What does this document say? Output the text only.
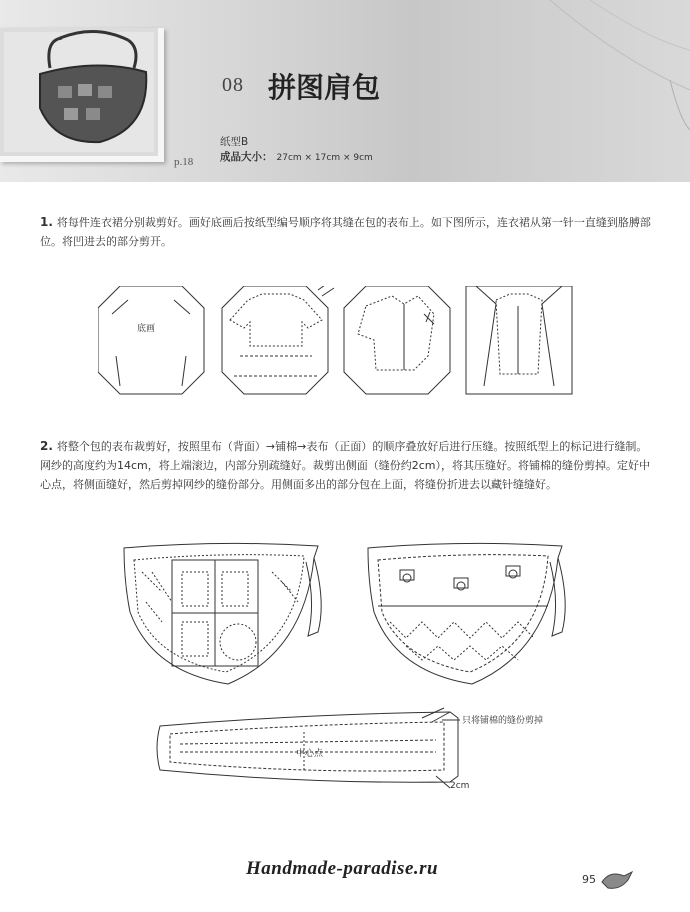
08 拼图肩包
纸型B
成品大小： 27cm × 17cm × 9cm
p.18
1. 将每件连衣裙分别裁剪好。画好底画后按纸型编号顺序将其缝在包的表布上。如下图所示，连衣裙从第一针一直缝到胳膊部位。将凹进去的部分剪开。
底画
2. 将整个包的表布裁剪好，按照里布（背面）→铺棉→表布（正面）的顺序叠放好后进行压缝。按照纸型上的标记进行缝制。网纱的高度约为14cm，将上端滚边，内部分别疏缝好。裁剪出侧面（缝份约2cm），将其压缝好。将铺棉的缝份剪掉。定好中心点，将侧面缝好，然后剪掉网纱的缝份部分。用侧面多出的部分包在上面，将缝份折进去以藏针缝缝好。
中心点
2cm
只将铺棉的缝份剪掉
Handmade-paradise.ru
95
